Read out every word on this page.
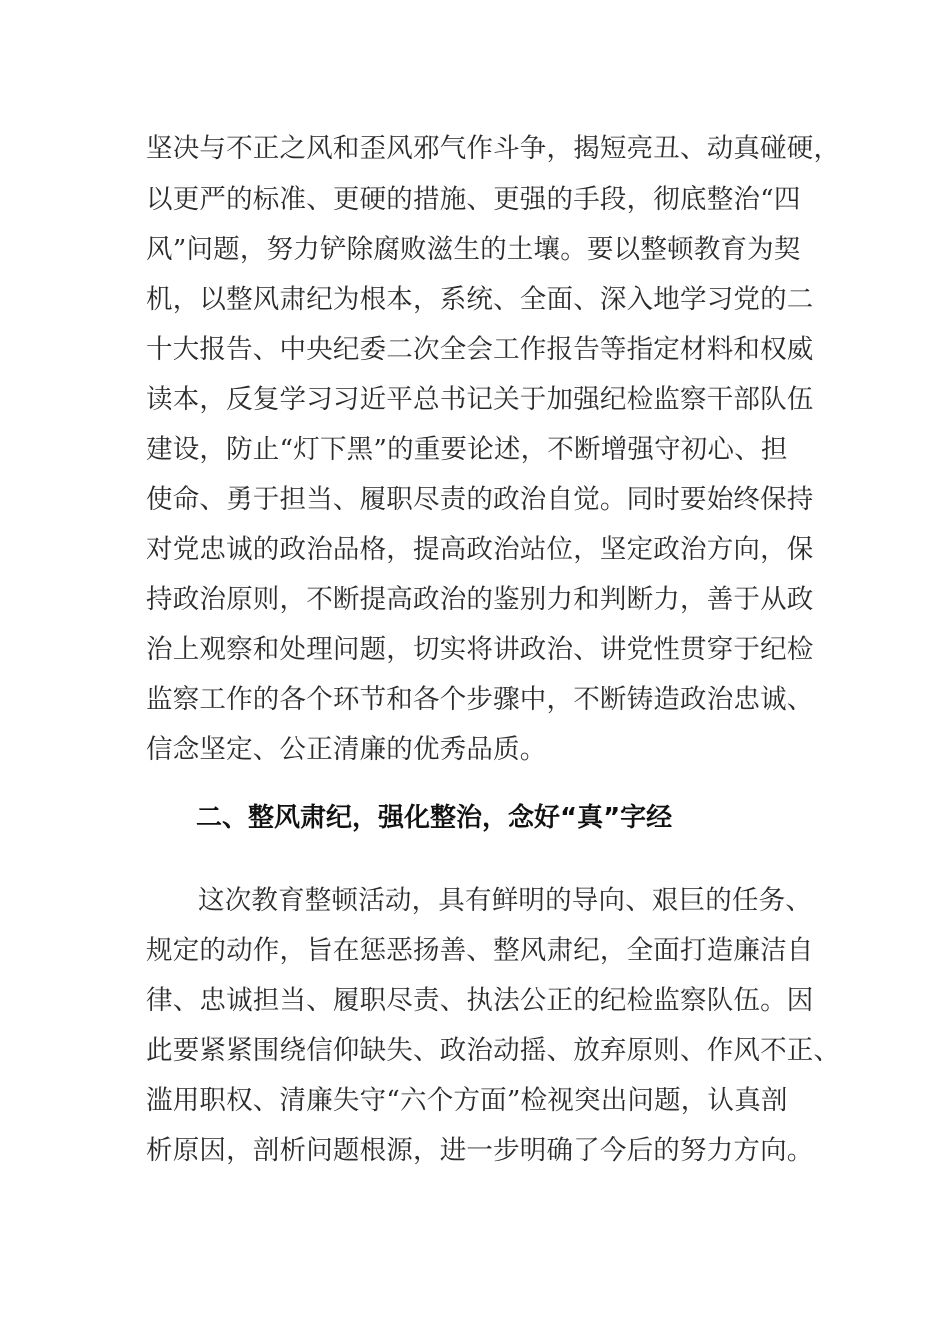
坚决与不正之风和歪风邪气作斗争，揭短亮丑、动真碰硬，
以更严的标准、更硬的措施、更强的手段，彻底整治“四
风”问题，努力铲除腐败滋生的土壤。要以整顿教育为契
机，以整风肃纪为根本，系统、全面、深入地学习党的二
十大报告、中央纪委二次全会工作报告等指定材料和权威
读本，反复学习习近平总书记关于加强纪检监察干部队伍
建设，防止“灯下黑”的重要论述，不断增强守初心、担
使命、勇于担当、履职尽责的政治自觉。同时要始终保持
对党忠诚的政治品格，提高政治站位，坚定政治方向，保
持政治原则，不断提高政治的鉴别力和判断力，善于从政
治上观察和处理问题，切实将讲政治、讲党性贯穿于纪检
监察工作的各个环节和各个步骤中，不断铸造政治忠诚、
信念坚定、公正清廉的优秀品质。
二、整风肃纪，强化整治，念好“真”字经
这次教育整顿活动，具有鲜明的导向、艰巨的任务、
规定的动作，旨在惩恶扬善、整风肃纪，全面打造廉洁自
律、忠诚担当、履职尽责、执法公正的纪检监察队伍。因
此要紧紧围绕信仰缺失、政治动摇、放弃原则、作风不正、
滥用职权、清廉失守“六个方面”检视突出问题，认真剖
析原因，剖析问题根源，进一步明确了今后的努力方向。
